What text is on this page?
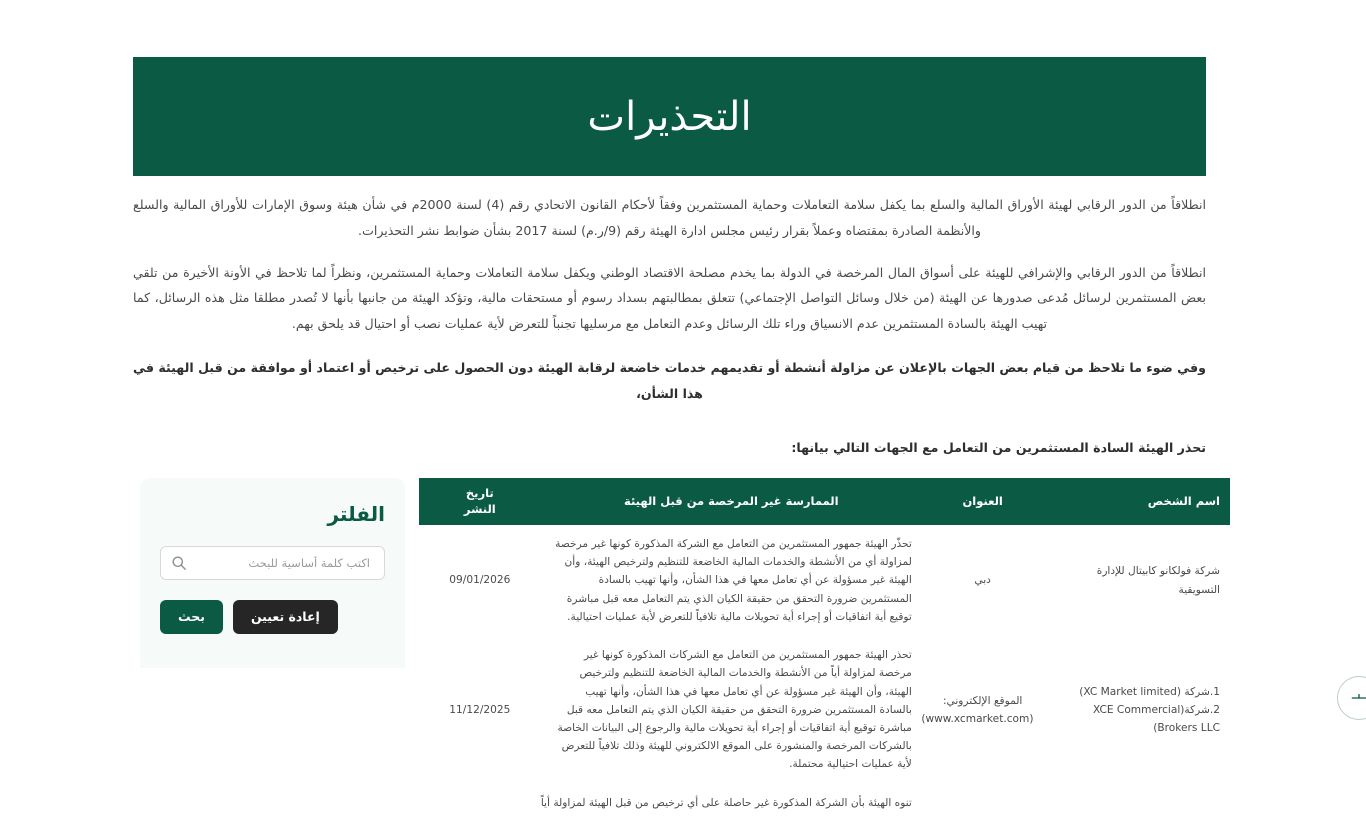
التحذيرات

انطلاقاً من الدور الرقابي لهيئة الأوراق المالية والسلع بما يكفل سلامة التعاملات وحماية المستثمرين وفقاً لأحكام القانون الاتحادي رقم (4) لسنة 2000م في شأن هيئة وسوق الإمارات للأوراق المالية والسلع والأنظمة الصادرة بمقتضاه وعملاً بقرار رئيس مجلس ادارة الهيئة رقم (9/ر.م) لسنة 2017 بشأن ضوابط نشر التحذيرات.

انطلاقاً من الدور الرقابي والإشرافي للهيئة على أسواق المال المرخصة في الدولة بما يخدم مصلحة الاقتصاد الوطني ويكفل سلامة التعاملات وحماية المستثمرين، ونظراً لما تلاحظ في الأونة الأخيرة من تلقي بعض المستثمرين لرسائل مُدعى صدورها عن الهيئة (من خلال وسائل التواصل الإجتماعي) تتعلق بمطالبتهم بسداد رسوم أو مستحقات مالية، وتؤكد الهيئة من جانبها بأنها لا تُصدر مطلقا مثل هذه الرسائل، كما تهيب الهيئة بالسادة المستثمرين عدم الانسياق وراء تلك الرسائل وعدم التعامل مع مرسليها تجنباً للتعرض لأية عمليات نصب أو احتيال قد يلحق بهم.

وفي ضوء ما تلاحظ من قيام بعض الجهات بالإعلان عن مزاولة أنشطة أو تقديمهم خدمات خاضعة لرقابة الهيئة دون الحصول على ترخيص أو اعتماد أو موافقة من قبل الهيئة في هذا الشأن،

تحذر الهيئة السادة المستثمرين من التعامل مع الجهات التالي بيانها:

الفلتر
اكتب كلمة أساسية للبحث
بحث	إعادة تعيين
اسم الشخص	العنوان	الممارسة غير المرخصة من قبل الهيئة	تاريخ
النشر

شركة فولكانو كابيتال للإدارة التسويقية	دبي	تحذّر الهيئة جمهور المستثمرين من التعامل مع الشركة المذكورة كونها غير مرخصة لمزاولة أي من الأنشطة والخدمات المالية الخاضعة للتنظيم ولترخيص الهيئة، وأن الهيئة غير مسؤولة عن أي تعامل معها في هذا الشأن، وأنها تهيب بالسادة المستثمرين ضرورة التحقق من حقيقة الكيان الذي يتم التعامل معه قبل مباشرة توقيع أية اتفاقيات أو إجراء أية تحويلات مالية تلافياً للتعرض لأية عمليات احتيالية.	09/01/2026

1.شركة (XC Market limited)
2.شركة(XCE Commercial Brokers LLC)	الموقع الإلكتروني:
(www.xcmarket.com)	تحذر الهيئة جمهور المستثمرين من التعامل مع الشركات المذكورة كونها غير مرخصة لمزاولة أياً من الأنشطة والخدمات المالية الخاضعة للتنظيم ولترخيص الهيئة، وأن الهيئة غير مسؤولة عن أي تعامل معها في هذا الشأن، وأنها تهيب بالسادة المستثمرين ضرورة التحقق من حقيقة الكيان الذي يتم التعامل معه قبل مباشرة توقيع أية اتفاقيات أو إجراء أية تحويلات مالية والرجوع إلى البيانات الخاصة بالشركات المرخصة والمنشورة على الموقع الالكتروني للهيئة وذلك تلافياً للتعرض لأية عمليات احتيالية محتملة.	11/12/2025
		تنوه الهيئة بأن الشركة المذكورة غير حاصلة على أي ترخيص من قبل الهيئة لمزاولة أياً	
